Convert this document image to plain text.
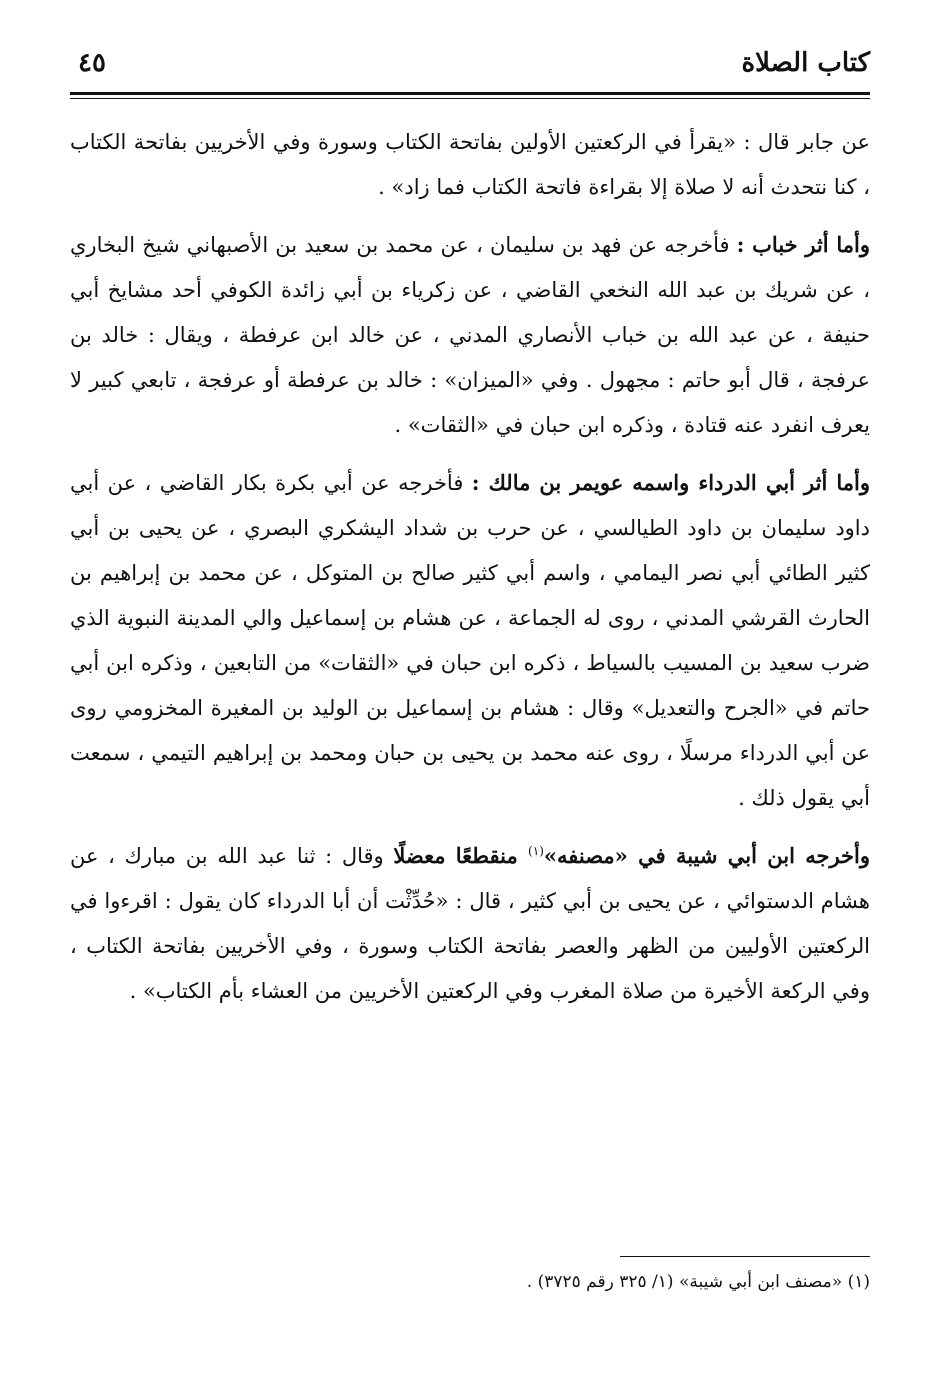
كتاب الصلاة
٤٥

عن جابر قال : «يقرأ في الركعتين الأولين بفاتحة الكتاب وسورة وفي الأخريين بفاتحة الكتاب ، كنا نتحدث أنه لا صلاة إلا بقراءة فاتحة الكتاب فما زاد» .

وأما أثر خباب : فأخرجه عن فهد بن سليمان ، عن محمد بن سعيد بن الأصبهاني شيخ البخاري ، عن شريك بن عبد الله النخعي القاضي ، عن زكرياء بن أبي زائدة الكوفي أحد مشايخ أبي حنيفة ، عن عبد الله بن خباب الأنصاري المدني ، عن خالد ابن عرفطة ، ويقال : خالد بن عرفجة ، قال أبو حاتم : مجهول . وفي «الميزان» : خالد بن عرفطة أو عرفجة ، تابعي كبير لا يعرف انفرد عنه قتادة ، وذكره ابن حبان في «الثقات» .

وأما أثر أبي الدرداء واسمه عويمر بن مالك : فأخرجه عن أبي بكرة بكار القاضي ، عن أبي داود سليمان بن داود الطيالسي ، عن حرب بن شداد اليشكري البصري ، عن يحيى بن أبي كثير الطائي أبي نصر اليمامي ، واسم أبي كثير صالح بن المتوكل ، عن محمد بن إبراهيم بن الحارث القرشي المدني ، روى له الجماعة ، عن هشام بن إسماعيل والي المدينة النبوية الذي ضرب سعيد بن المسيب بالسياط ، ذكره ابن حبان في «الثقات» من التابعين ، وذكره ابن أبي حاتم في «الجرح والتعديل» وقال : هشام بن إسماعيل بن الوليد بن المغيرة المخزومي روى عن أبي الدرداء مرسلًا ، روى عنه محمد بن يحيى بن حبان ومحمد بن إبراهيم التيمي ، سمعت أبي يقول ذلك .

وأخرجه ابن أبي شيبة في «مصنفه»$^{(١)}$ منقطعًا معضلًا وقال : ثنا عبد الله بن مبارك ، عن هشام الدستوائي ، عن يحيى بن أبي كثير ، قال : «حُدِّثْت أن أبا الدرداء كان يقول : اقرءوا في الركعتين الأوليين من الظهر والعصر بفاتحة الكتاب وسورة ، وفي الأخريين بفاتحة الكتاب ، وفي الركعة الأخيرة من صلاة المغرب وفي الركعتين الأخريين من العشاء بأم الكتاب» .

(١) «مصنف ابن أبي شيبة» (١/ ٣٢٥ رقم ٣٧٢٥) .
